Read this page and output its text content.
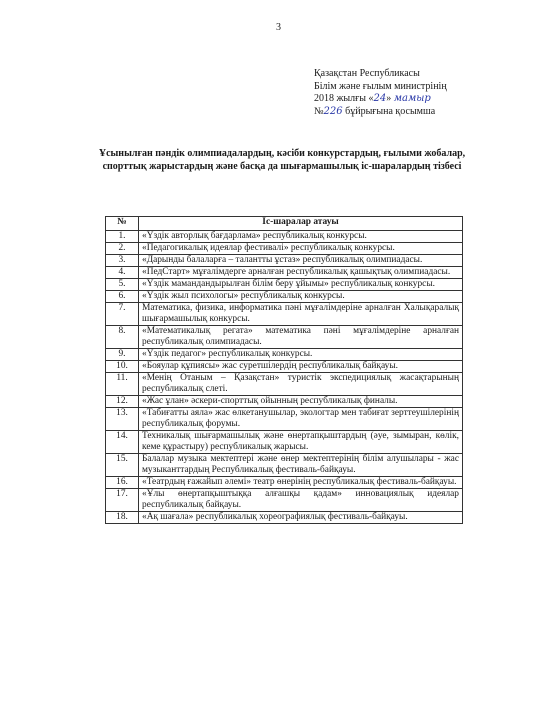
3
Қазақстан Республикасы
Білім және ғылым министрінің
2018 жылғы «24» мамыр
№226 бұйрығына қосымша
Ұсынылған пәндік олимпиадалардың, кәсіби конкурстардың, ғылыми жобалар, спорттық жарыстардың және басқа да шығармашылық іс-шаралардың тізбесі
№	Іс-шаралар атауы
1.	«Үздік авторлық бағдарлама» республикалық конкурсы.
2.	«Педагогикалық идеялар фестивалі» республикалық конкурсы.
3.	«Дарынды балаларға – талантты ұстаз» республикалық олимпиадасы.
4.	«ПедСтарт» мұғалімдерге арналған республикалық қашықтық олимпиадасы.
5.	«Үздік мамандандырылған білім беру ұйымы» республикалық конкурсы.
6.	«Үздік жыл психологы» республикалық конкурсы.
7.	Математика, физика, информатика пәні мұғалімдеріне арналған Халықаралық шығармашылық конкурсы.
8.	«Математикалық регата» математика пәні мұғалімдеріне арналған республикалық олимпиадасы.
9.	«Үздік педагог» республикалық конкурсы.
10.	«Бояулар құпиясы» жас суретшілердің республикалық байқауы.
11.	«Менің Отаным – Қазақстан» туристік экспедициялық жасақтарының республикалық слеті.
12.	«Жас ұлан» әскери-спорттық ойынның республикалық финалы.
13.	«Табиғатты аяла» жас өлкетанушылар, экологтар мен табиғат зерттеушілерінің республикалық форумы.
14.	Техникалық шығармашылық және өнертапқыштардың (әуе, зымыран, көлік, кеме құрастыру) республикалық жарысы.
15.	Балалар музыка мектептері және өнер мектептерінің білім алушылары - жас музыканттардың Республикалық фестиваль-байқауы.
16.	«Театрдың ғажайып әлемі» театр өнерінің республикалық фестиваль-байқауы.
17.	«Ұлы өнертапқыштыққа алғашқы қадам» инновациялық идеялар республикалық байқауы.
18.	«Ақ шағала» республикалық хореографиялық фестиваль-байқауы.
